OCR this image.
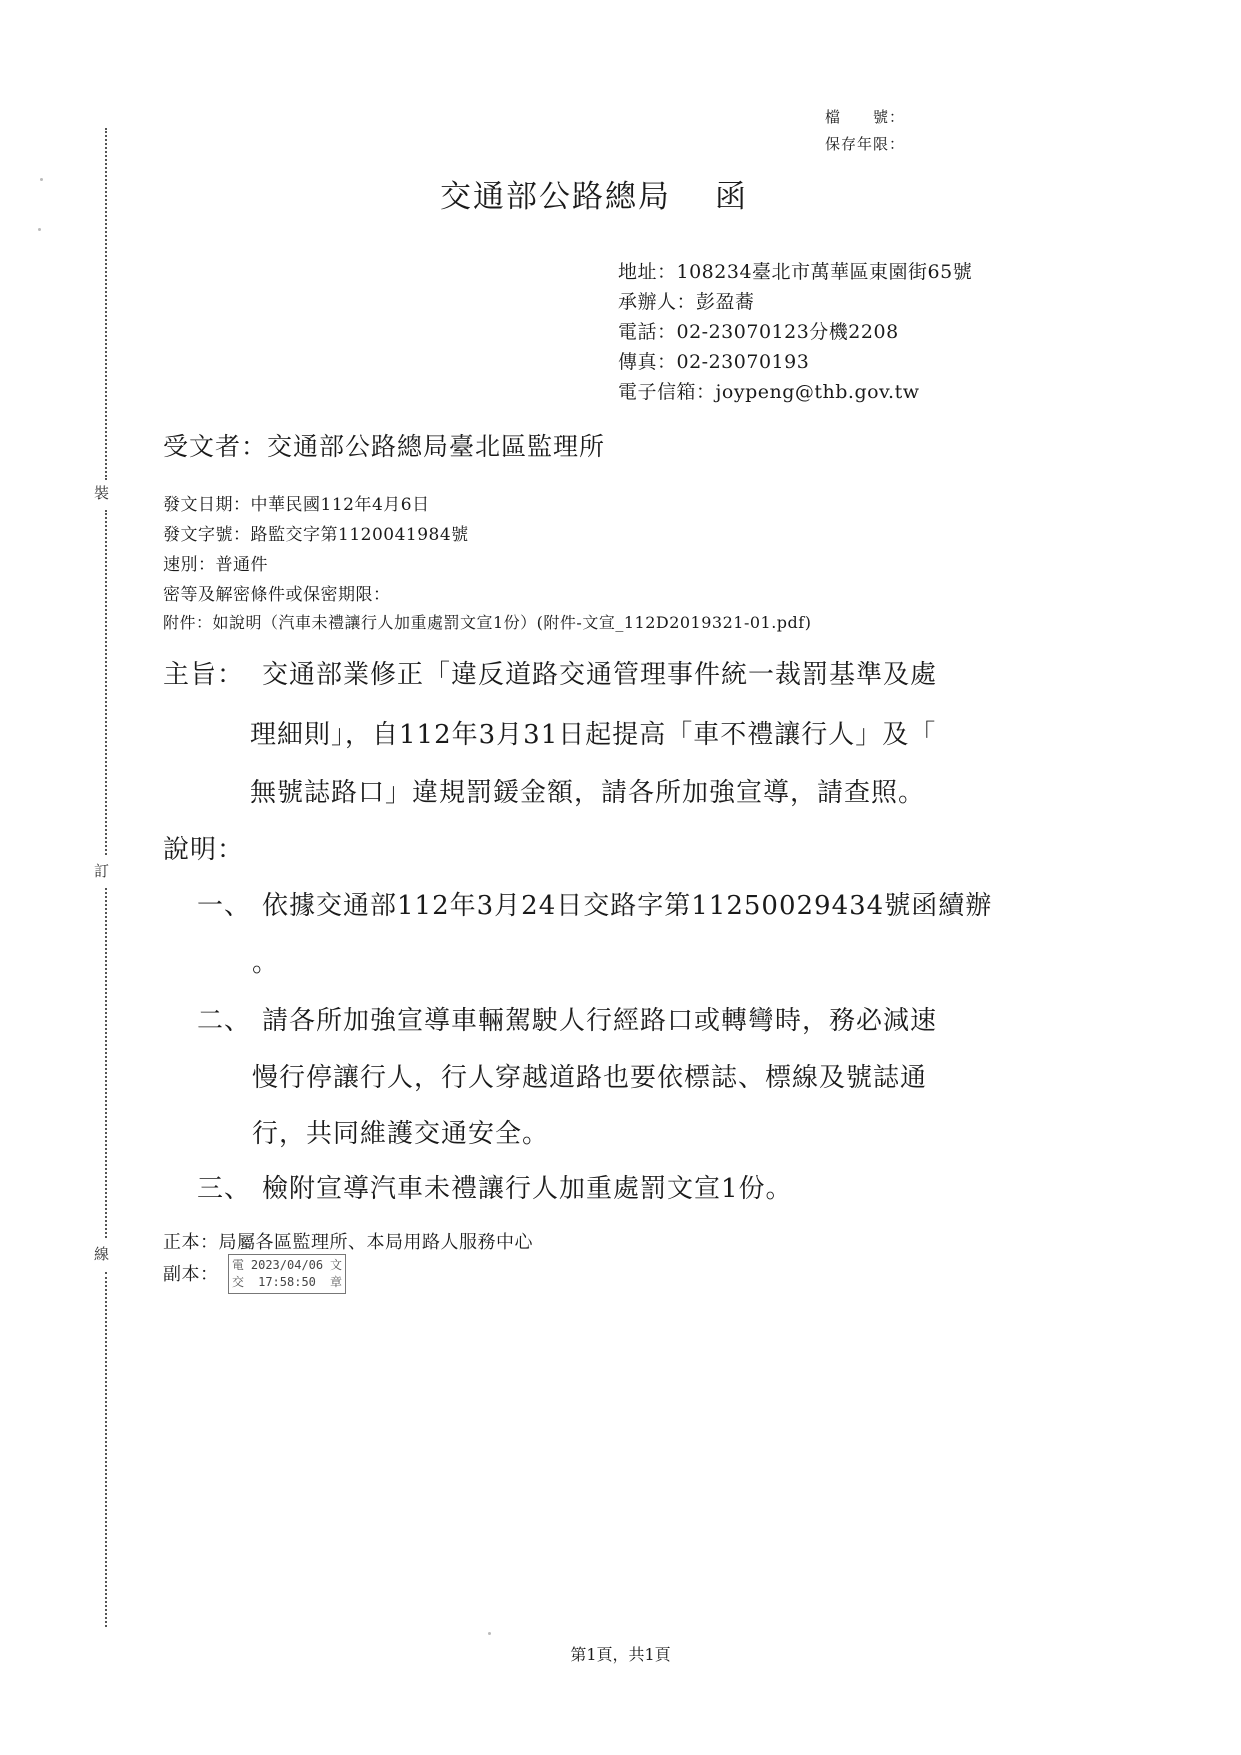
裝
訂
線
檔　　號：
保存年限：
交通部公路總局 函
地址：108234臺北市萬華區東園街65號
承辦人：彭盈蕎
電話：02-23070123分機2208
傳真：02-23070193
電子信箱：joypeng@thb.gov.tw
受文者：交通部公路總局臺北區監理所
發文日期：中華民國112年4月6日
發文字號：路監交字第1120041984號
速別：普通件
密等及解密條件或保密期限：
附件：如說明（汽車未禮讓行人加重處罰文宣1份）(附件-文宣_112D2019321-01.pdf)
主旨： 交通部業修正「違反道路交通管理事件統一裁罰基準及處
理細則」，自112年3月31日起提高「車不禮讓行人」及「
無號誌路口」違規罰鍰金額，請各所加強宣導，請查照。
說明：
一、 依據交通部112年3月24日交路字第11250029434號函續辦
。
二、 請各所加強宣導車輛駕駛人行經路口或轉彎時，務必減速
慢行停讓行人，行人穿越道路也要依標誌、標線及號誌通
行，共同維護交通安全。
三、 檢附宣導汽車未禮讓行人加重處罰文宣1份。
正本：局屬各區監理所、本局用路人服務中心
副本： 電交
2023/04/06
17:58:50
文章
第1頁，共1頁
